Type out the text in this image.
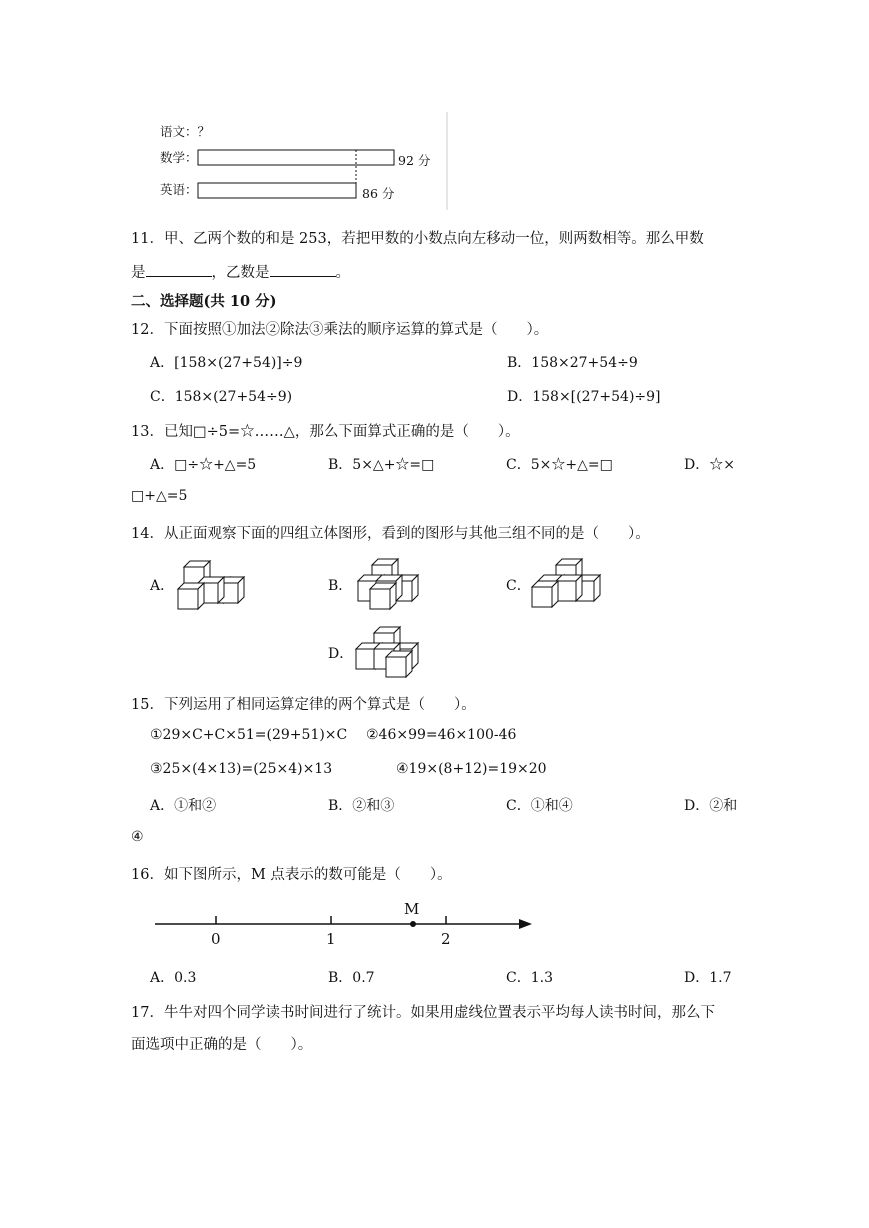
语文：？
数学：
英语：
92 分
86 分
11．甲、乙两个数的和是 253，若把甲数的小数点向左移动一位，则两数相等。那么甲数
是	，乙数是	。
二、选择题(共 10 分)
12．下面按照①加法②除法③乘法的顺序运算的算式是（　　）。
A．[158×(27+54)]÷9	B．158×27+54÷9
C．158×(27+54÷9)	D．158×[(27+54)÷9]
13．已知□÷5=☆……△，那么下面算式正确的是（　　）。
A．□÷☆+△=5	B．5×△+☆=□	C．5×☆+△=□	D．☆×
□+△=5
14．从正面观察下面的四组立体图形，看到的图形与其他三组不同的是（　　）。
A．	B．	C．
D．
15．下列运用了相同运算定律的两个算式是（　　）。
①29×C+C×51=(29+51)×C ②46×99=46×100-46
③25×(4×13)=(25×4)×13	④19×(8+12)=19×20
A．①和②	B．②和③	C．①和④	D．②和
④
16．如下图所示，M 点表示的数可能是（　　）。
0	1	2
M
A．0.3	B．0.7	C．1.3	D．1.7
17．牛牛对四个同学读书时间进行了统计。如果用虚线位置表示平均每人读书时间，那么下
面选项中正确的是（　　）。
